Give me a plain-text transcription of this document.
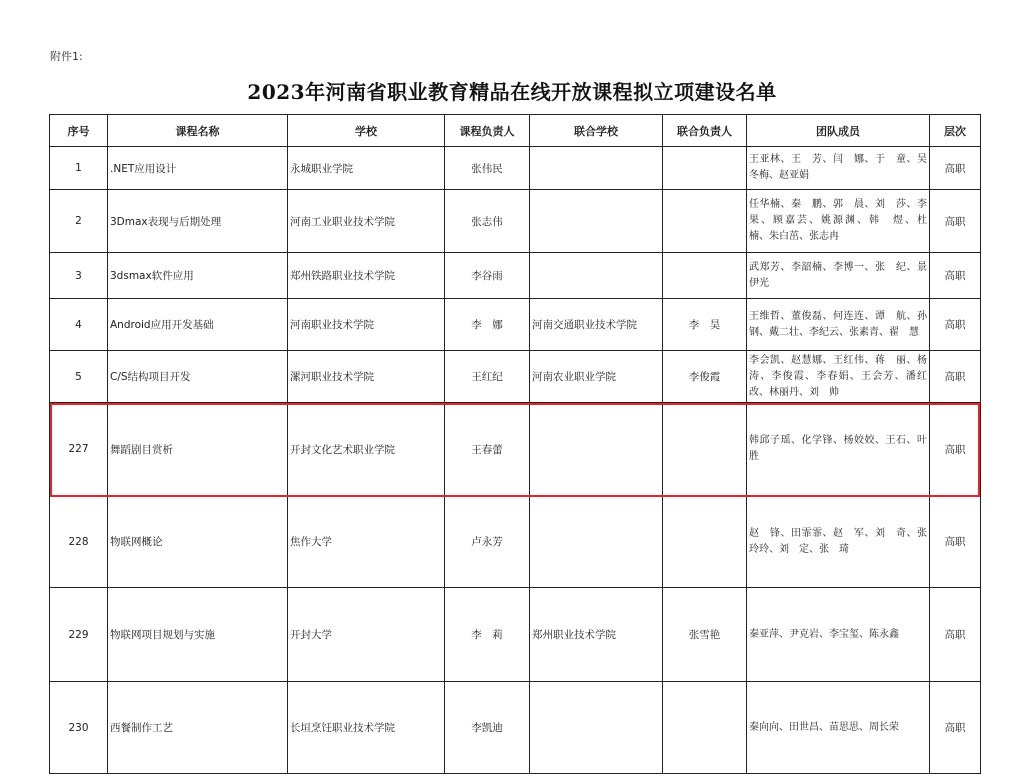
附件1:
2023年河南省职业教育精品在线开放课程拟立项建设名单
序号	课程名称	学校	课程负责人	联合学校	联合负责人	团队成员	层次
1	.NET应用设计	永城职业学院	张伟民			王亚林、王　芳、闫　娜、于　童、吴冬梅、赵亚娟	高职
2	3Dmax表现与后期处理	河南工业职业技术学院	张志伟			任华楠、秦　鹏、郭　晨、刘　莎、李　果、顾嘉芸、姚源渊、韩　煜、杜　楠、朱白茁、张志冉	高职
3	3dsmax软件应用	郑州铁路职业技术学院	李谷雨			武郑芳、李韶楠、李博一、张　纪、景伊光	高职
4	Android应用开发基础	河南职业技术学院	李　娜	河南交通职业技术学院	李　昊	王维哲、董俊磊、何连连、谭　航、孙　钢、戴二壮、李纪云、张素青、翟　慧	高职
5	C/S结构项目开发	漯河职业技术学院	王红纪	河南农业职业学院	李俊霞	李会凯、赵慧娜、王红伟、蒋　丽、杨　涛、李俊霞、李春娟、王会芳、潘红改、林丽丹、刘　帅	高职
227	舞蹈剧目赏析	开封文化艺术职业学院	王春蕾			韩邱子瑶、化学锋、杨姣姣、王石、叶　胜	高职
228	物联网概论	焦作大学	卢永芳			赵　锋、田霏霏、赵　军、刘　奇、张玲玲、刘　定、张　琦	高职
229	物联网项目规划与实施	开封大学	李　莉	郑州职业技术学院	张雪艳	秦亚萍、尹克岩、李宝玺、陈永鑫	高职
230	西餐制作工艺	长垣烹饪职业技术学院	李凯迪			秦向向、田世昌、苗思思、周长荣	高职
